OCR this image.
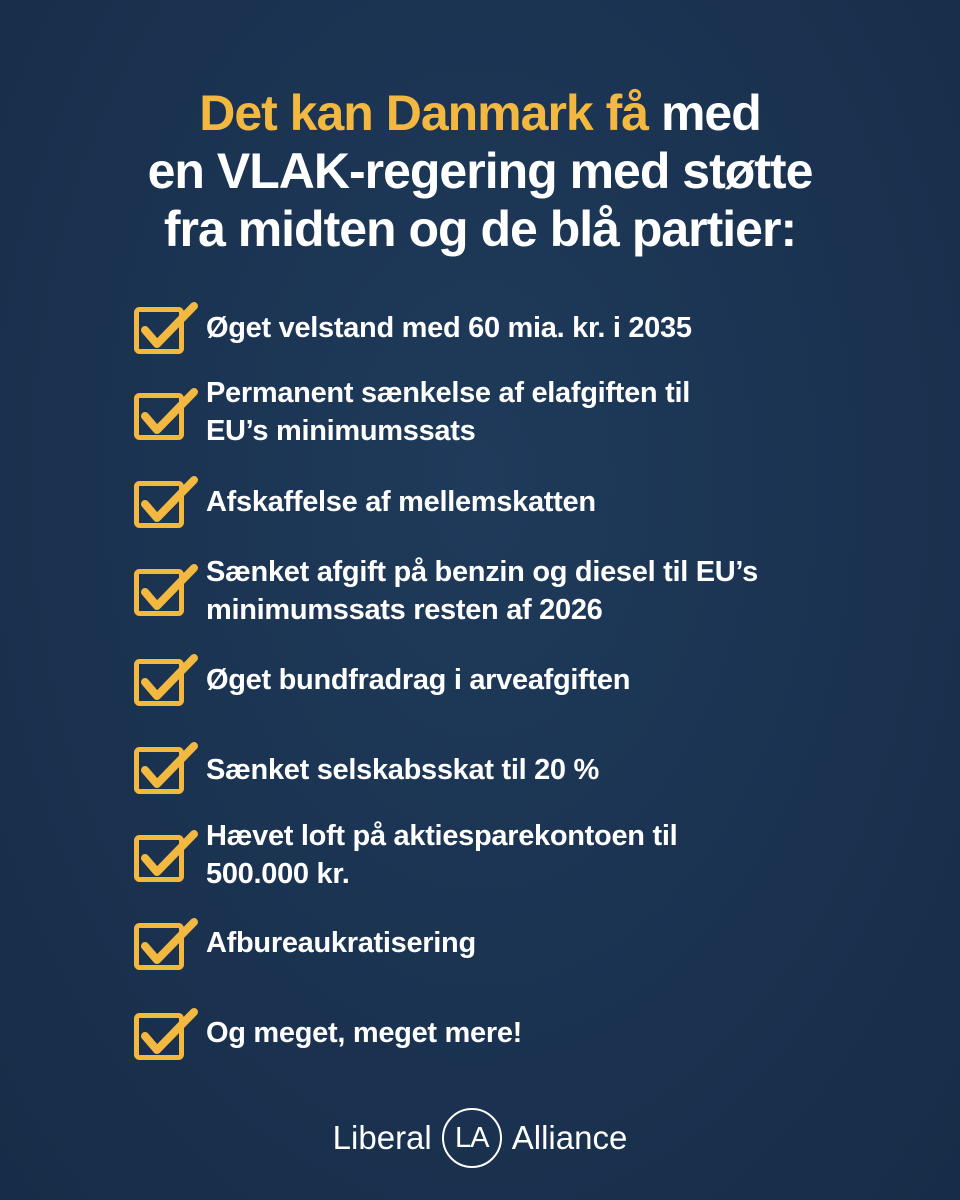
Det kan Danmark få med
en VLAK-regering med støtte
fra midten og de blå partier:
Øget velstand med 60 mia. kr. i 2035
Permanent sænkelse af elafgiften til
EU’s minimumssats
Afskaffelse af mellemskatten
Sænket afgift på benzin og diesel til EU’s
minimumssats resten af 2026
Øget bundfradrag i arveafgiften
Sænket selskabsskat til 20 %
Hævet loft på aktiesparekontoen til
500.000 kr.
Afbureaukratisering
Og meget, meget mere!
Liberal LA Alliance
